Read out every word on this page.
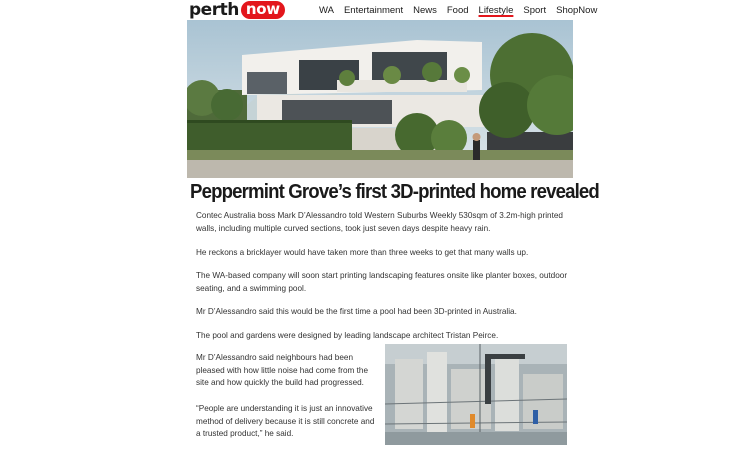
perth now	WA Entertainment News Food Lifestyle Sport ShopNow
Peppermint Grove’s first 3D-printed home revealed

Contec Australia boss Mark D’Alessandro told Western Suburbs Weekly 530sqm of 3.2m-high printed walls, including multiple curved sections, took just seven days despite heavy rain.

He reckons a bricklayer would have taken more than three weeks to get that many walls up.

The WA-based company will soon start printing landscaping features onsite like planter boxes, outdoor seating, and a swimming pool.

Mr D’Alessandro said this would be the first time a pool had been 3D-printed in Australia.

The pool and gardens were designed by leading landscape architect Tristan Peirce.

Mr D’Alessandro said neighbours had been pleased with how little noise had come from the site and how quickly the build had progressed.

“People are understanding it is just an innovative method of delivery because it is still concrete and a trusted product,” he said.
